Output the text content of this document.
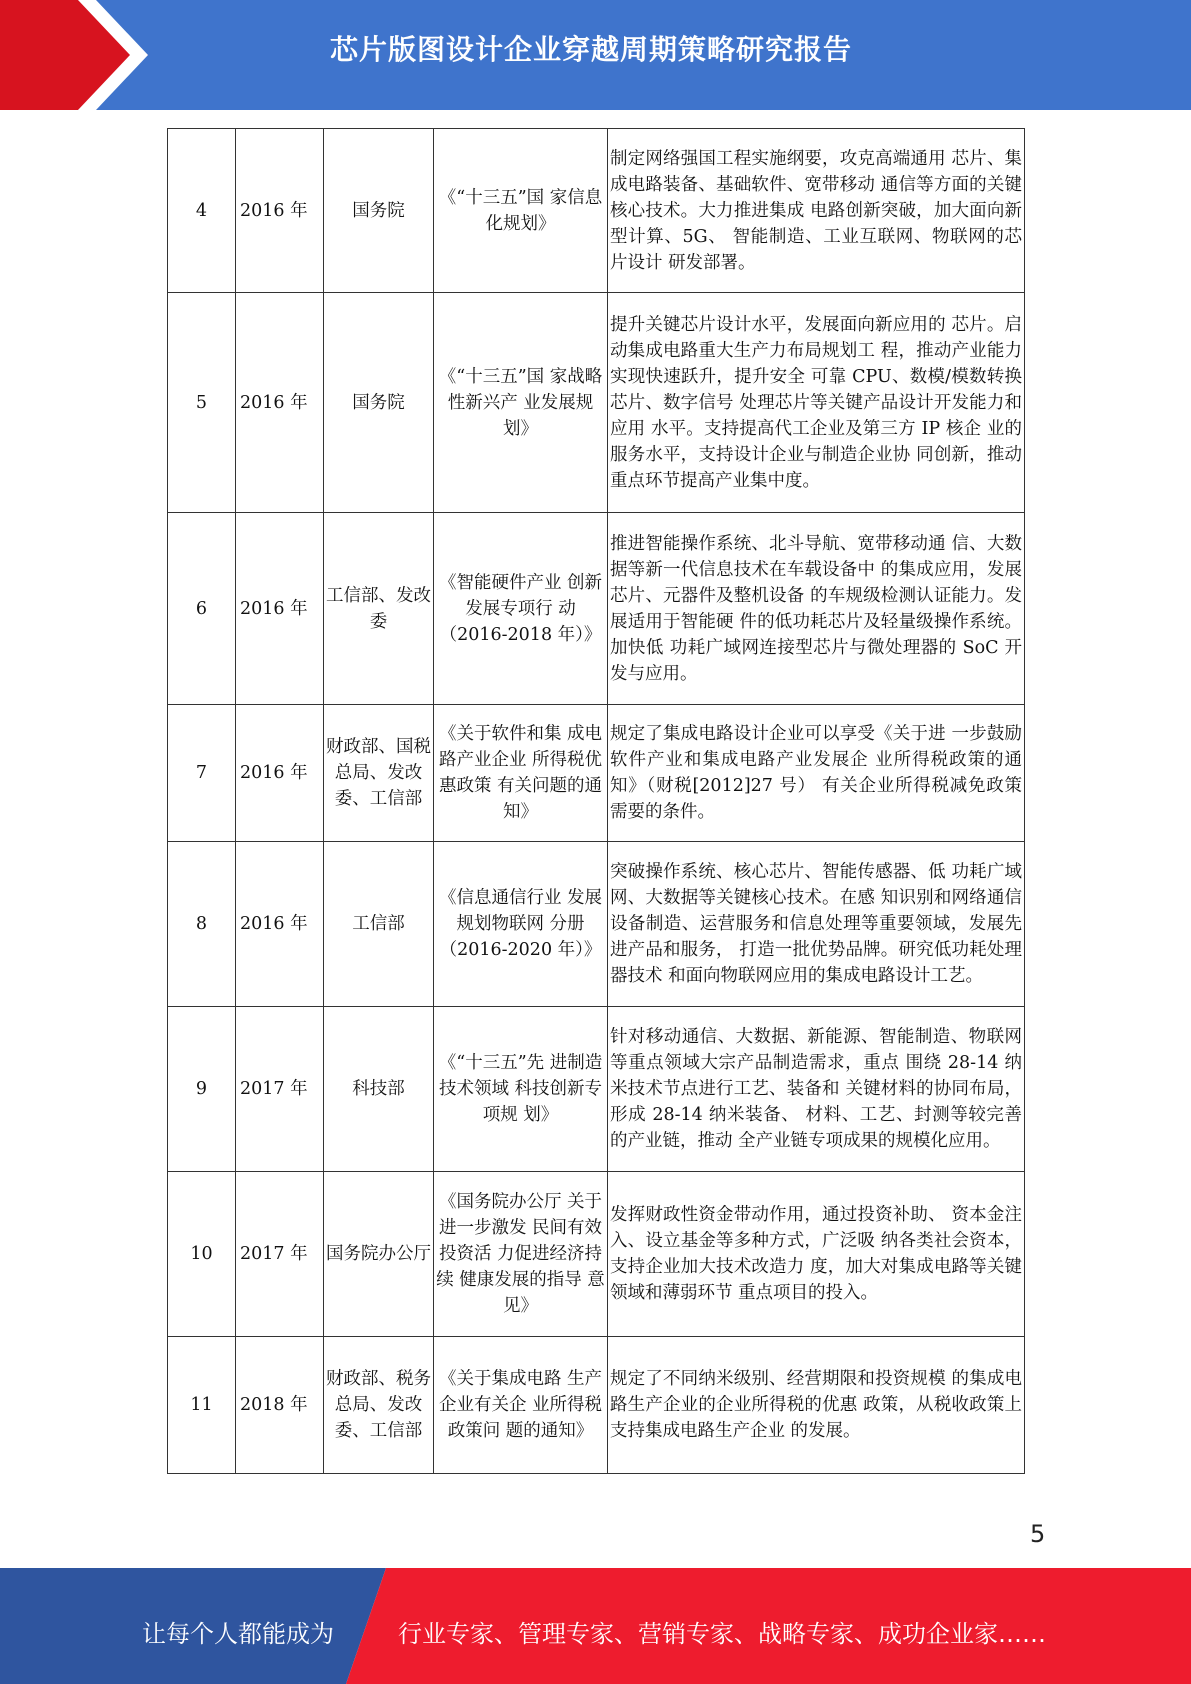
芯片版图设计企业穿越周期策略研究报告
4	2016 年	国务院	《“十三五”国 家信息化规划》	制定网络强国工程实施纲要，攻克高端通用 芯片、集成电路装备、基础软件、宽带移动 通信等方面的关键核心技术。大力推进集成 电路创新突破，加大面向新型计算、5G、 智能制造、工业互联网、物联网的芯片设计 研发部署。
5	2016 年	国务院	《“十三五”国 家战略性新兴产 业发展规划》	提升关键芯片设计水平，发展面向新应用的 芯片。启动集成电路重大生产力布局规划工 程，推动产业能力实现快速跃升，提升安全 可靠 CPU、数模/模数转换芯片、数字信号 处理芯片等关键产品设计开发能力和应用 水平。支持提高代工企业及第三方 IP 核企 业的服务水平，支持设计企业与制造企业协 同创新，推动重点环节提高产业集中度。
6	2016 年	工信部、发改委	《智能硬件产业 创新发展专项行 动（2016-2018 年）》	推进智能操作系统、北斗导航、宽带移动通 信、大数据等新一代信息技术在车载设备中 的集成应用，发展芯片、元器件及整机设备 的车规级检测认证能力。发展适用于智能硬 件的低功耗芯片及轻量级操作系统。加快低 功耗广域网连接型芯片与微处理器的 SoC 开发与应用。
7	2016 年	财政部、国税总局、发改委、工信部	《关于软件和集 成电路产业企业 所得税优惠政策 有关问题的通 知》	规定了集成电路设计企业可以享受《关于进 一步鼓励软件产业和集成电路产业发展企 业所得税政策的通知》（财税[2012]27 号） 有关企业所得税减免政策需要的条件。
8	2016 年	工信部	《信息通信行业 发展规划物联网 分册（2016-2020 年）》	突破操作系统、核心芯片、智能传感器、低 功耗广域网、大数据等关键核心技术。在感 知识别和网络通信设备制造、运营服务和信息处理等重要领域，发展先进产品和服务， 打造一批优势品牌。研究低功耗处理器技术 和面向物联网应用的集成电路设计工艺。
9	2017 年	科技部	《“十三五”先 进制造技术领域 科技创新专项规 划》	针对移动通信、大数据、新能源、智能制造、物联网等重点领域大宗产品制造需求，重点 围绕 28-14 纳米技术节点进行工艺、装备和 关键材料的协同布局，形成 28-14 纳米装备、 材料、工艺、封测等较完善的产业链，推动 全产业链专项成果的规模化应用。
10	2017 年	国务院办公厅	《国务院办公厅 关于进一步激发 民间有效投资活 力促进经济持续 健康发展的指导 意见》	发挥财政性资金带动作用，通过投资补助、 资本金注入、设立基金等多种方式，广泛吸 纳各类社会资本，支持企业加大技术改造力 度，加大对集成电路等关键领域和薄弱环节 重点项目的投入。
11	2018 年	财政部、税务总局、发改委、工信部	《关于集成电路 生产企业有关企 业所得税政策问 题的通知》	规定了不同纳米级别、经营期限和投资规模 的集成电路生产企业的企业所得税的优惠 政策，从税收政策上支持集成电路生产企业 的发展。
5
让每个人都能成为	行业专家、管理专家、营销专家、战略专家、成功企业家……
